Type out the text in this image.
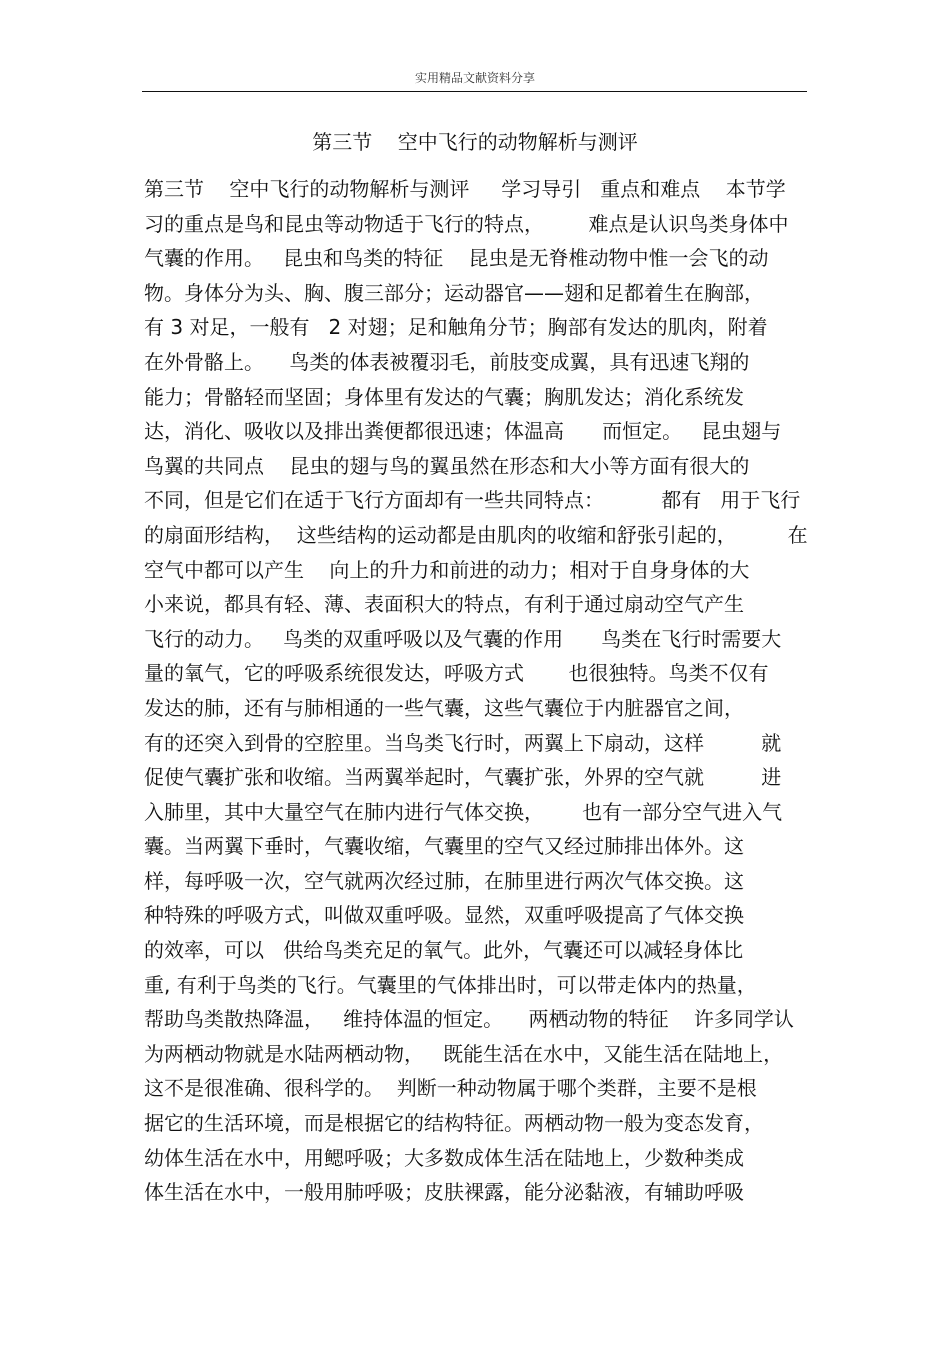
实用精品文献资料分享
第三节    空中飞行的动物解析与测评
第三节    空中飞行的动物解析与测评     学习导引   重点和难点    本节学
习的重点是鸟和昆虫等动物适于飞行的特点，       难点是认识鸟类身体中
气囊的作用。   昆虫和鸟类的特征    昆虫是无脊椎动物中惟一会飞的动
物。身体分为头、胸、腹三部分；运动器官——翅和足都着生在胸部，
有 3 对足，一般有   2 对翅；足和触角分节；胸部有发达的肌肉，附着
在外骨骼上。    鸟类的体表被覆羽毛，前肢变成翼，具有迅速飞翔的
能力；骨骼轻而坚固；身体里有发达的气囊；胸肌发达；消化系统发
达，消化、吸收以及排出粪便都很迅速；体温高      而恒定。   昆虫翅与
鸟翼的共同点    昆虫的翅与鸟的翼虽然在形态和大小等方面有很大的
不同，但是它们在适于飞行方面却有一些共同特点：         都有   用于飞行
的扇面形结构，  这些结构的运动都是由肌肉的收缩和舒张引起的，        在
空气中都可以产生    向上的升力和前进的动力；相对于自身身体的大
小来说，都具有轻、薄、表面积大的特点，有利于通过扇动空气产生
飞行的动力。   鸟类的双重呼吸以及气囊的作用      鸟类在飞行时需要大
量的氧气，它的呼吸系统很发达，呼吸方式       也很独特。鸟类不仅有
发达的肺，还有与肺相通的一些气囊，这些气囊位于内脏器官之间，
有的还突入到骨的空腔里。当鸟类飞行时，两翼上下扇动，这样         就
促使气囊扩张和收缩。当两翼举起时，气囊扩张，外界的空气就         进
入肺里，其中大量空气在肺内进行气体交换，      也有一部分空气进入气
囊。当两翼下垂时，气囊收缩，气囊里的空气又经过肺排出体外。这
样，每呼吸一次，空气就两次经过肺，在肺里进行两次气体交换。这
种特殊的呼吸方式，叫做双重呼吸。显然，双重呼吸提高了气体交换
的效率，可以   供给鸟类充足的氧气。此外，气囊还可以减轻身体比
重, 有利于鸟类的飞行。气囊里的气体排出时，可以带走体内的热量，
帮助鸟类散热降温，   维持体温的恒定。    两栖动物的特征    许多同学认
为两栖动物就是水陆两栖动物，   既能生活在水中，又能生活在陆地上，
这不是很准确、很科学的。  判断一种动物属于哪个类群，主要不是根
据它的生活环境，而是根据它的结构特征。两栖动物一般为变态发育，
幼体生活在水中，用鳃呼吸；大多数成体生活在陆地上，少数种类成
体生活在水中，一般用肺呼吸；皮肤裸露，能分泌黏液，有辅助呼吸
